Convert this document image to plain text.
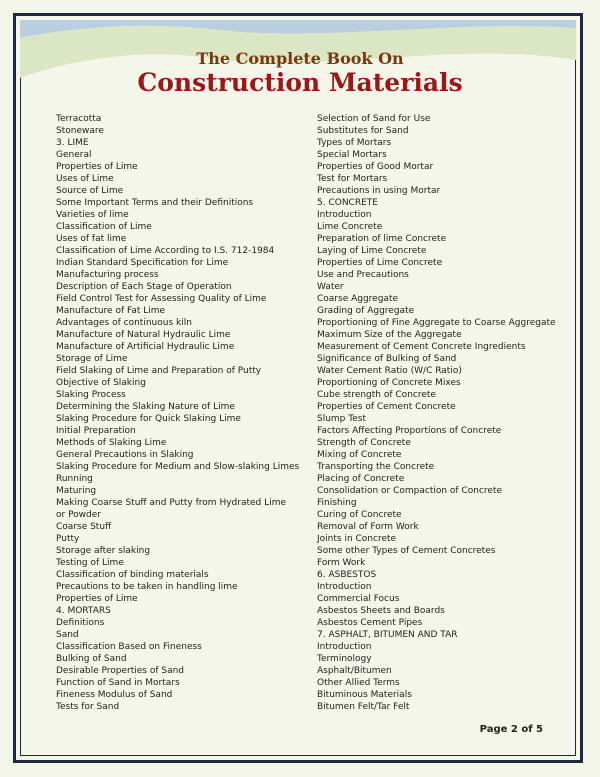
The Complete Book On
Construction Materials
Terracotta
Stoneware
3. LIME
General
Properties of Lime
Uses of Lime
Source of Lime
Some Important Terms and their Definitions
Varieties of lime
Classification of Lime
Uses of fat lime
Classification of Lime According to I.S. 712-1984
Indian Standard Specification for Lime
Manufacturing process
Description of Each Stage of Operation
Field Control Test for Assessing Quality of Lime
Manufacture of Fat Lime
Advantages of continuous kiln
Manufacture of Natural Hydraulic Lime
Manufacture of Artificial Hydraulic Lime
Storage of Lime
Field Slaking of Lime and Preparation of Putty
Objective of Slaking
Slaking Process
Determining the Slaking Nature of Lime
Slaking Procedure for Quick Slaking Lime
Initial Preparation
Methods of Slaking Lime
General Precautions in Slaking
Slaking Procedure for Medium and Slow-slaking Limes
Running
Maturing
Making Coarse Stuff and Putty from Hydrated Lime or Powder
Coarse Stuff
Putty
Storage after slaking
Testing of Lime
Classification of binding materials
Precautions to be taken in handling lime
Properties of Lime
4. MORTARS
Definitions
Sand
Classification Based on Fineness
Bulking of Sand
Desirable Properties of Sand
Function of Sand in Mortars
Fineness Modulus of Sand
Tests for Sand
Selection of Sand for Use
Substitutes for Sand
Types of Mortars
Special Mortars
Properties of Good Mortar
Test for Mortars
Precautions in using Mortar
5. CONCRETE
Introduction
Lime Concrete
Preparation of lime Concrete
Laying of Lime Concrete
Properties of Lime Concrete
Use and Precautions
Water
Coarse Aggregate
Grading of Aggregate
Proportioning of Fine Aggregate to Coarse Aggregate
Maximum Size of the Aggregate
Measurement of Cement Concrete Ingredients
Significance of Bulking of Sand
Water Cement Ratio (W/C Ratio)
Proportioning of Concrete Mixes
Cube strength of Concrete
Properties of Cement Concrete
Slump Test
Factors Affecting Proportions of Concrete
Strength of Concrete
Mixing of Concrete
Transporting the Concrete
Placing of Concrete
Consolidation or Compaction of Concrete
Finishing
Curing of Concrete
Removal of Form Work
Joints in Concrete
Some other Types of Cement Concretes
Form Work
6. ASBESTOS
Introduction
Commercial Focus
Asbestos Sheets and Boards
Asbestos Cement Pipes
7. ASPHALT, BITUMEN AND TAR
Introduction
Terminology
Asphalt/Bitumen
Other Allied Terms
Bituminous Materials
Bitumen Felt/Tar Felt
Page 2 of 5
